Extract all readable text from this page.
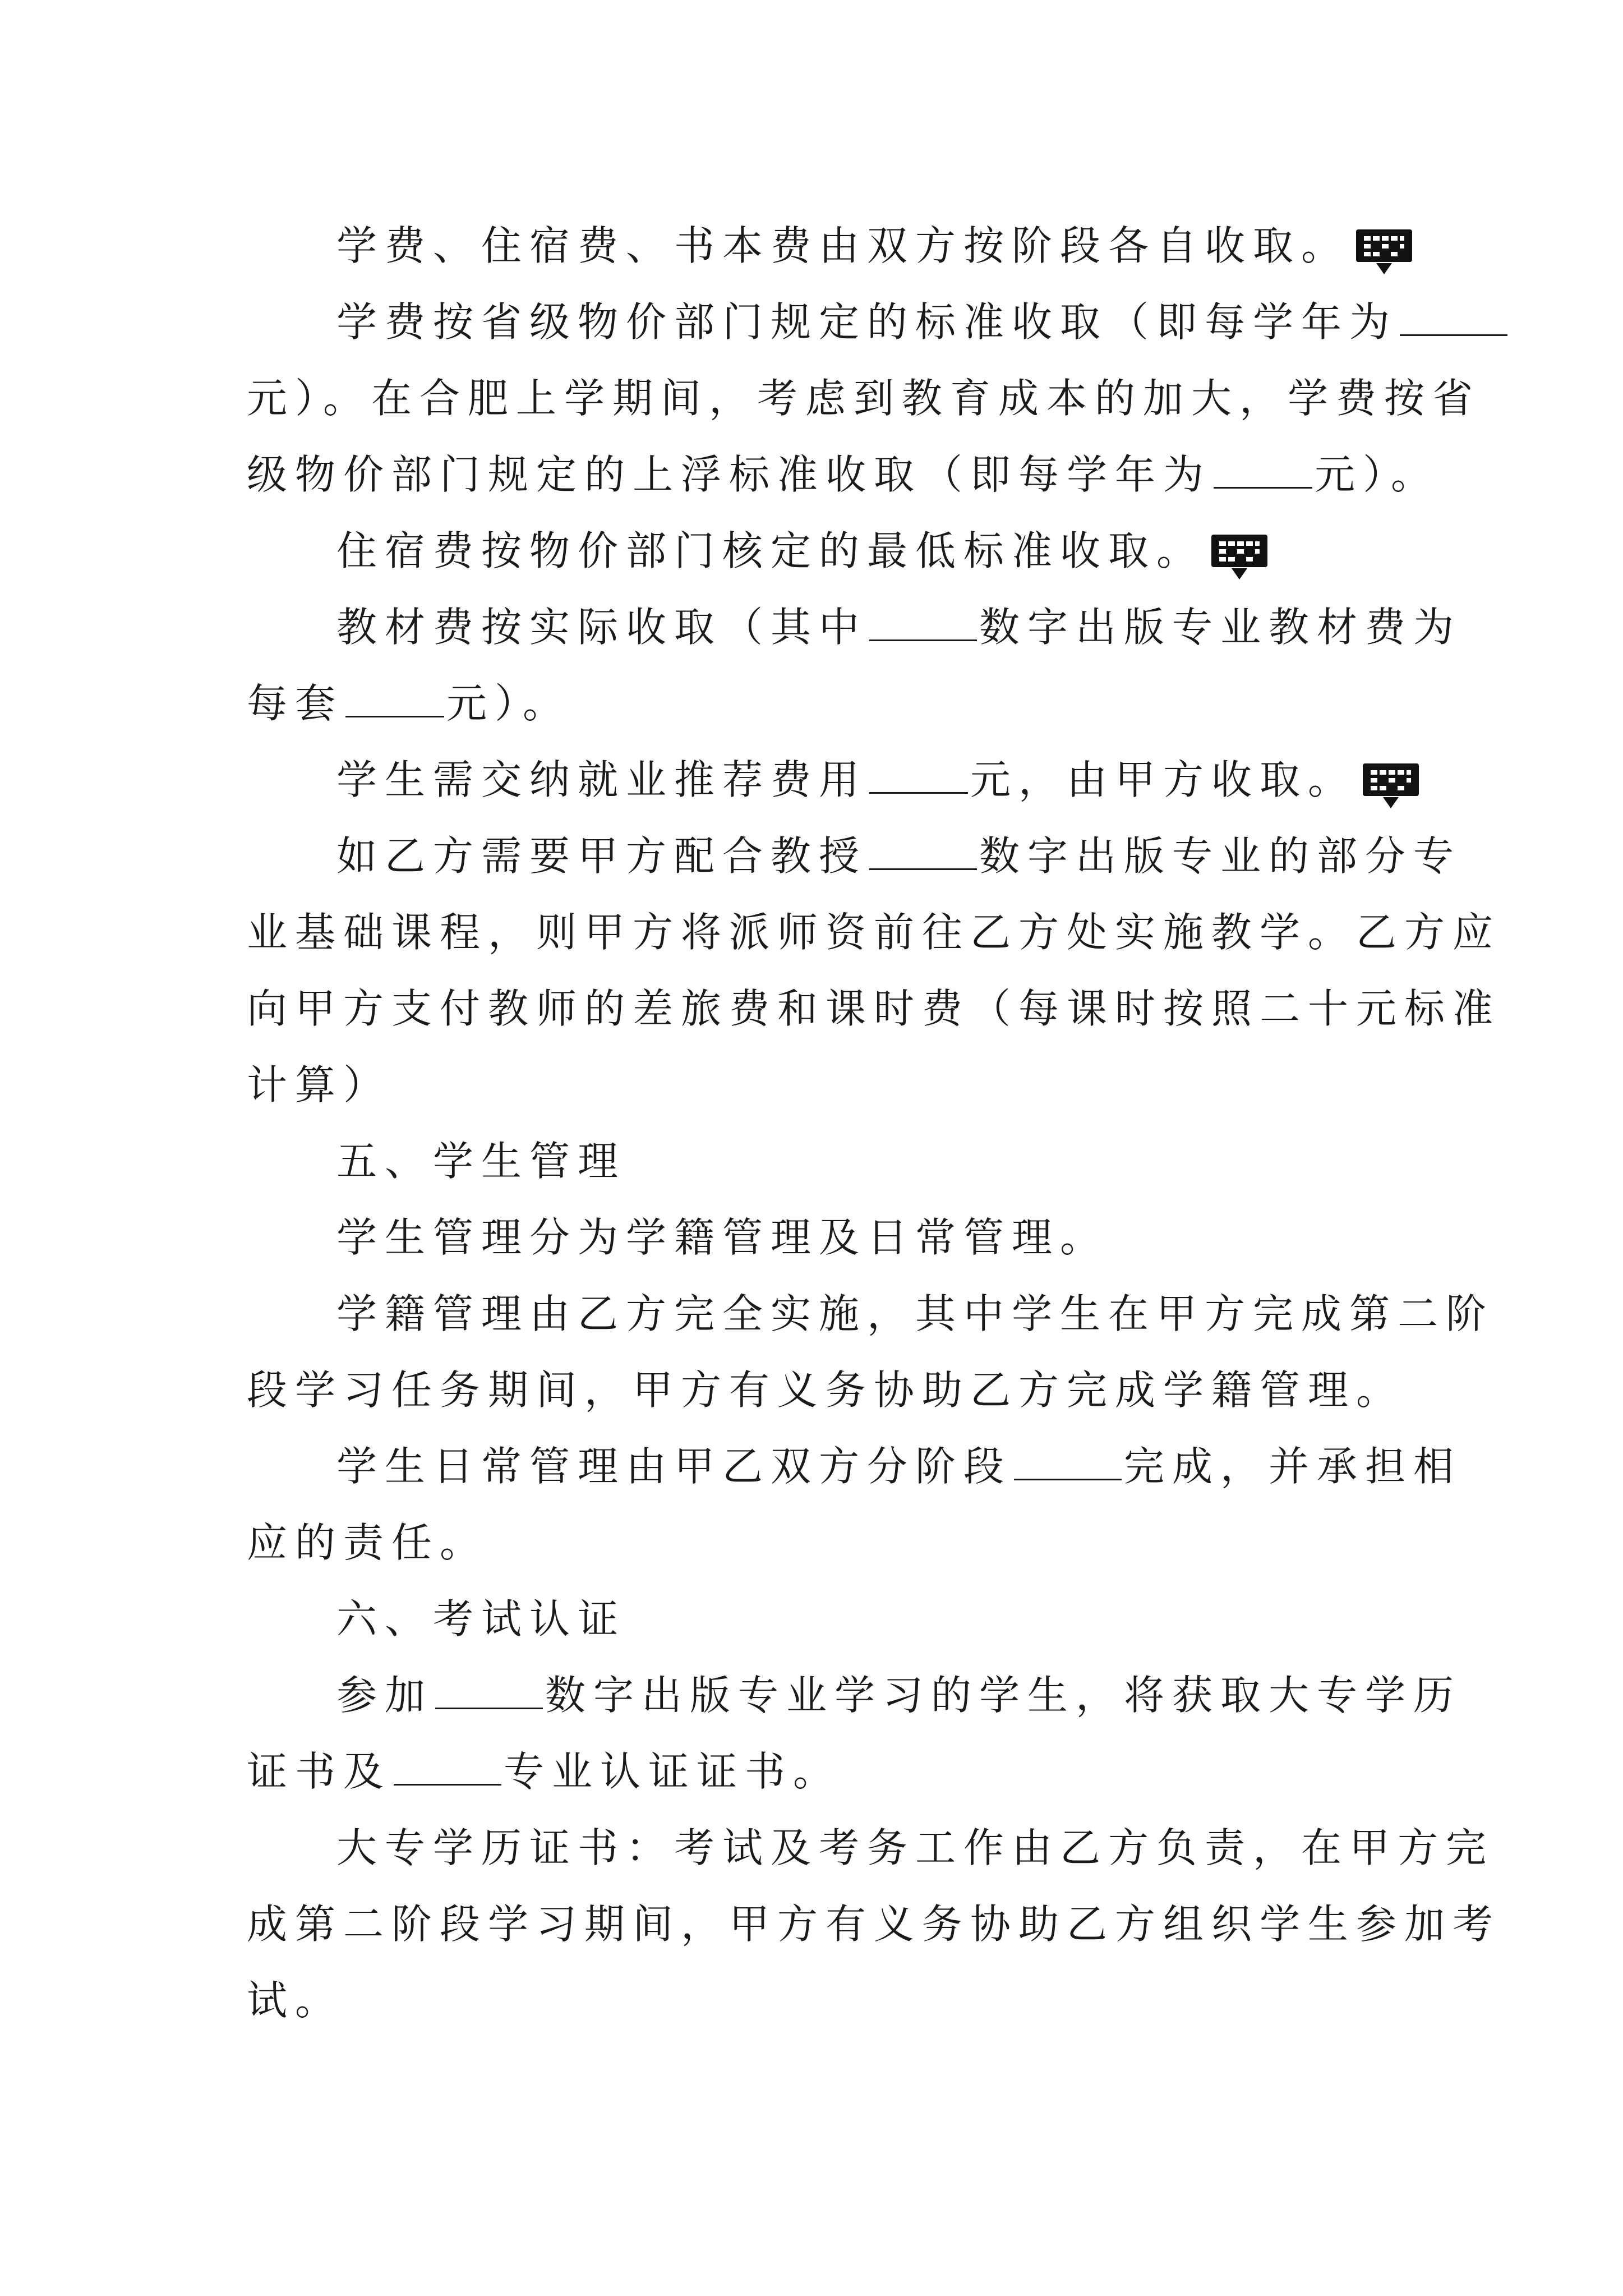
学费、住宿费、书本费由双方按阶段各自收取。
学费按省级物价部门规定的标准收取（即每学年为
元）。在合肥上学期间，考虑到教育成本的加大，学费按省
级物价部门规定的上浮标准收取（即每学年为	元）。
住宿费按物价部门核定的最低标准收取。
教材费按实际收取（其中	数字出版专业教材费为
每套	元）。
学生需交纳就业推荐费用	元，由甲方收取。
如乙方需要甲方配合教授	数字出版专业的部分专
业基础课程，则甲方将派师资前往乙方处实施教学。乙方应
向甲方支付教师的差旅费和课时费（每课时按照二十元标准
计算）
五、学生管理
学生管理分为学籍管理及日常管理。
学籍管理由乙方完全实施，其中学生在甲方完成第二阶
段学习任务期间，甲方有义务协助乙方完成学籍管理。
学生日常管理由甲乙双方分阶段	完成，并承担相
应的责任。
六、考试认证
参加	数字出版专业学习的学生，将获取大专学历
证书及	专业认证证书。
大专学历证书：考试及考务工作由乙方负责，在甲方完
成第二阶段学习期间，甲方有义务协助乙方组织学生参加考
试。
